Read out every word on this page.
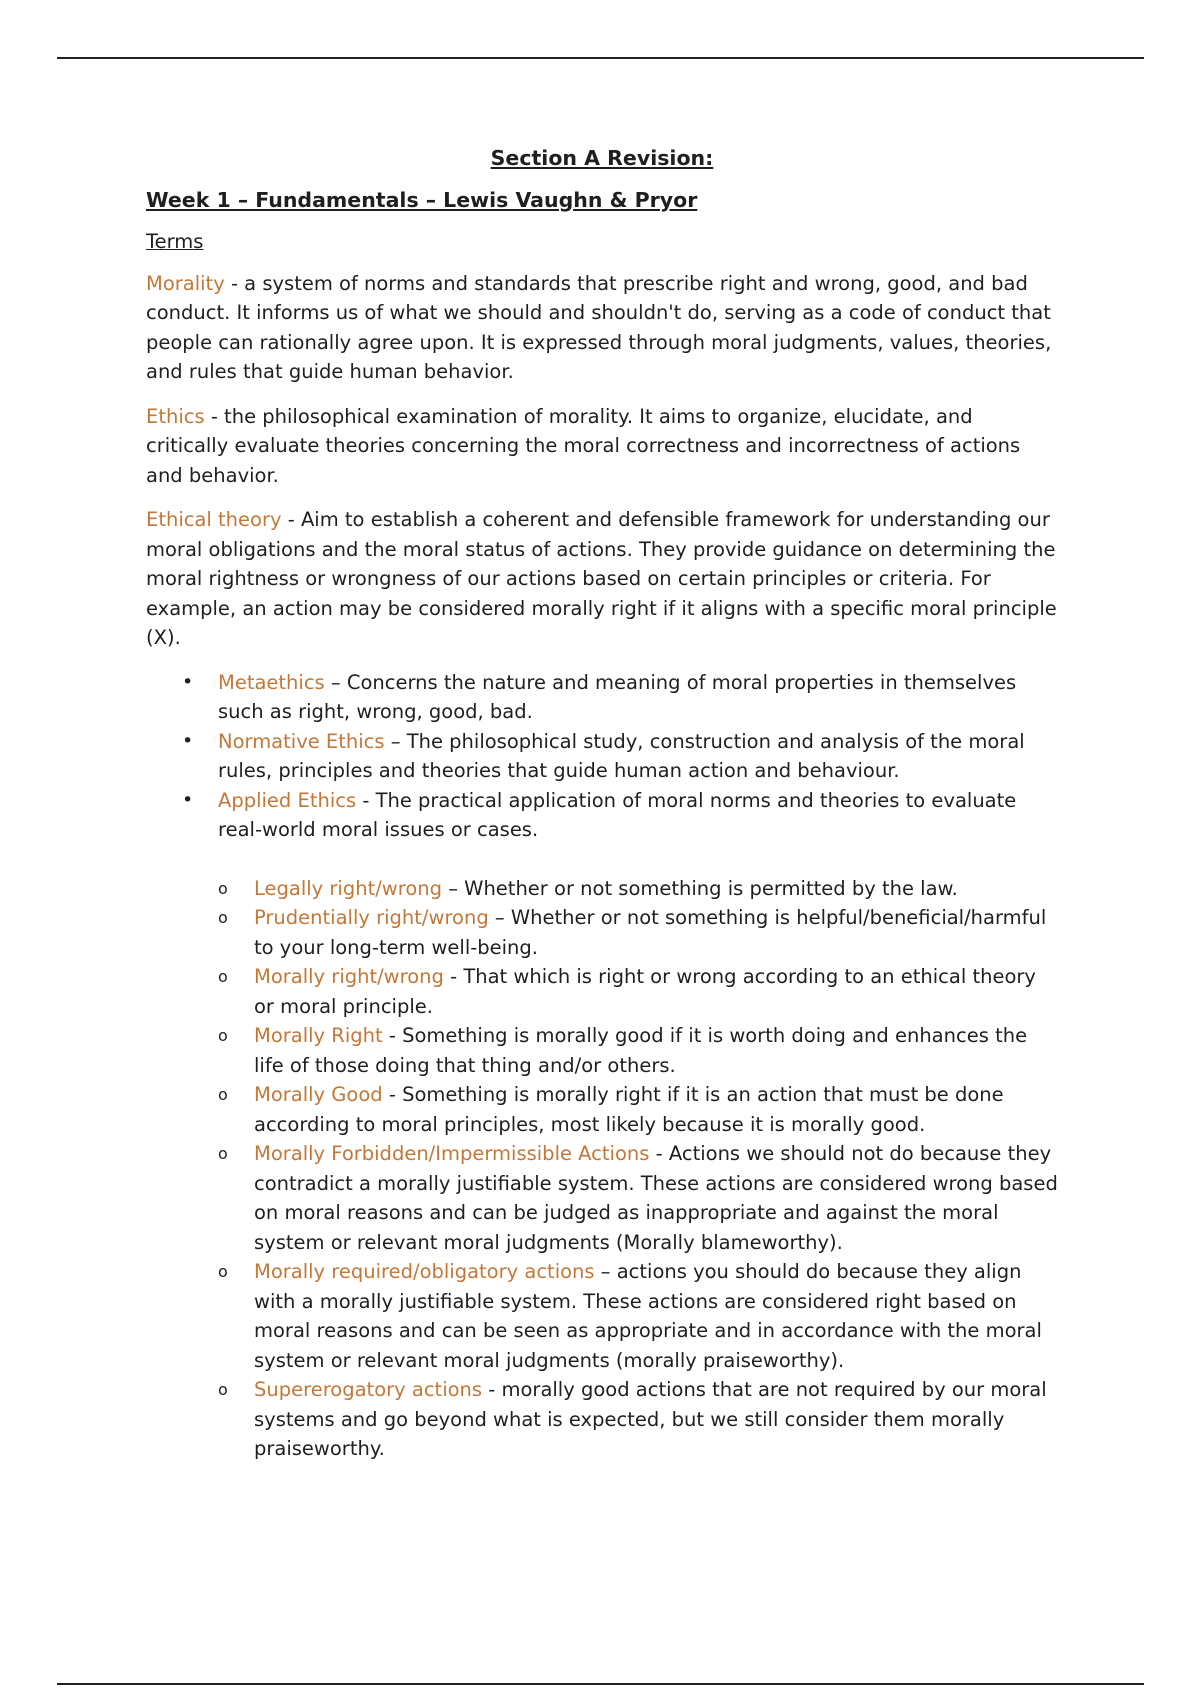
Section A Revision:
Week 1 – Fundamentals – Lewis Vaughn & Pryor
Terms

Morality - a system of norms and standards that prescribe right and wrong, good, and bad conduct. It informs us of what we should and shouldn't do, serving as a code of conduct that people can rationally agree upon. It is expressed through moral judgments, values, theories, and rules that guide human behavior.

Ethics - the philosophical examination of morality. It aims to organize, elucidate, and critically evaluate theories concerning the moral correctness and incorrectness of actions and behavior.

Ethical theory - Aim to establish a coherent and defensible framework for understanding our moral obligations and the moral status of actions. They provide guidance on determining the moral rightness or wrongness of our actions based on certain principles or criteria. For example, an action may be considered morally right if it aligns with a specific moral principle (X).

• Metaethics – Concerns the nature and meaning of moral properties in themselves such as right, wrong, good, bad.
• Normative Ethics – The philosophical study, construction and analysis of the moral rules, principles and theories that guide human action and behaviour.
• Applied Ethics - The practical application of moral norms and theories to evaluate real-world moral issues or cases.
o Legally right/wrong – Whether or not something is permitted by the law.
o Prudentially right/wrong – Whether or not something is helpful/beneficial/harmful to your long-term well-being.
o Morally right/wrong - That which is right or wrong according to an ethical theory or moral principle.
o Morally Right - Something is morally good if it is worth doing and enhances the life of those doing that thing and/or others.
o Morally Good - Something is morally right if it is an action that must be done according to moral principles, most likely because it is morally good.
o Morally Forbidden/Impermissible Actions - Actions we should not do because they contradict a morally justifiable system. These actions are considered wrong based on moral reasons and can be judged as inappropriate and against the moral system or relevant moral judgments (Morally blameworthy).
o Morally required/obligatory actions – actions you should do because they align with a morally justifiable system. These actions are considered right based on moral reasons and can be seen as appropriate and in accordance with the moral system or relevant moral judgments (morally praiseworthy).
o Supererogatory actions - morally good actions that are not required by our moral systems and go beyond what is expected, but we still consider them morally praiseworthy.
